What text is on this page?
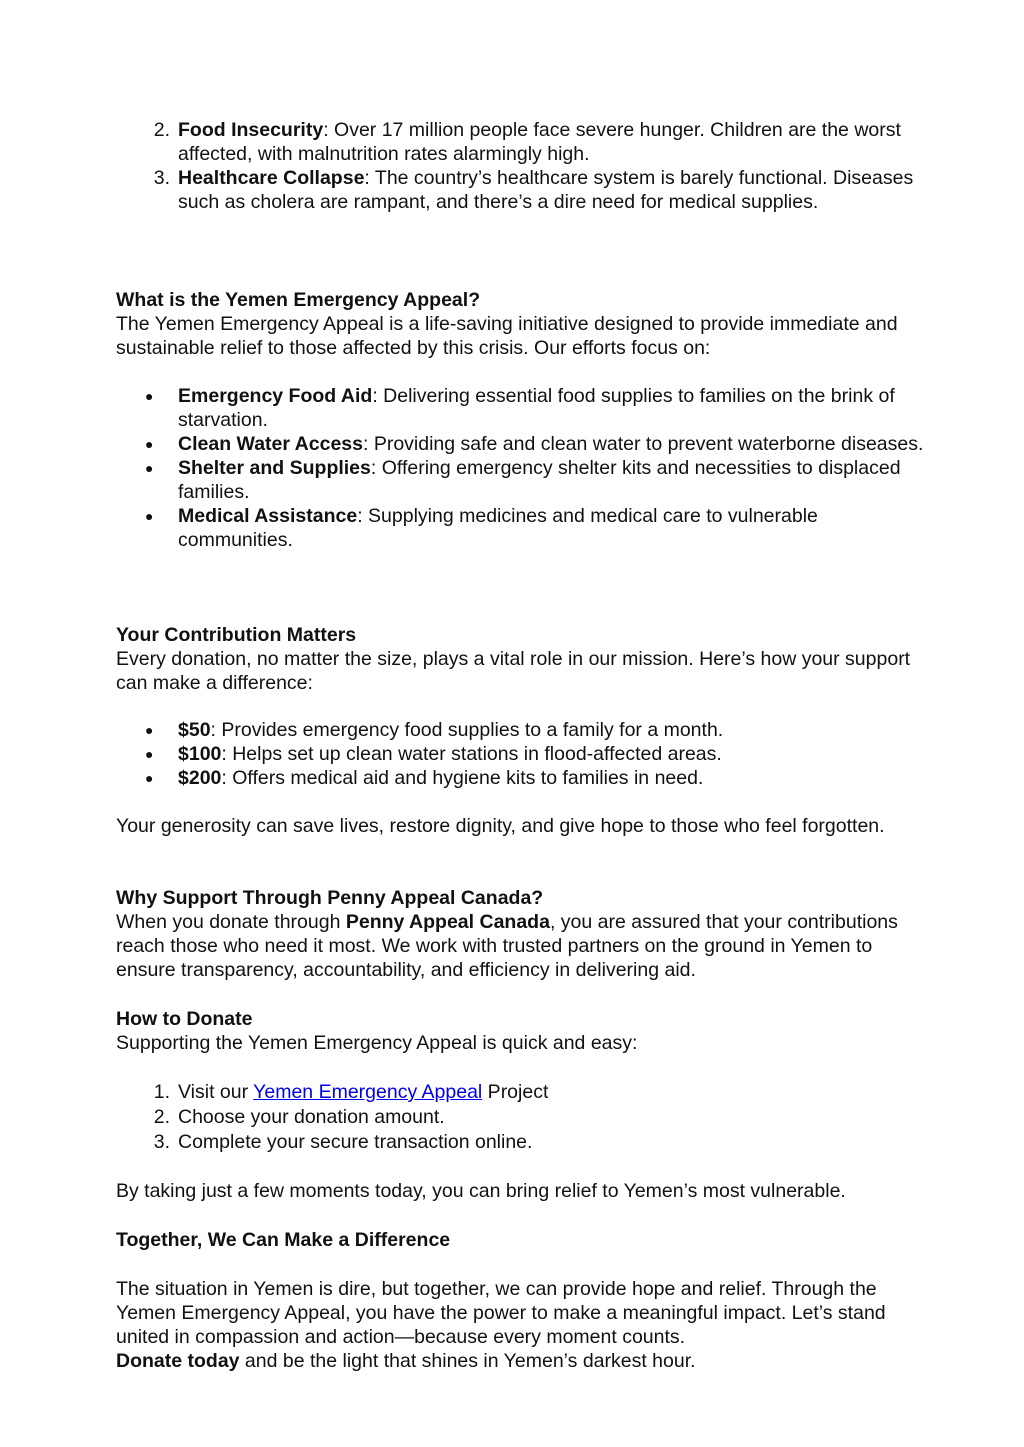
2. Food Insecurity: Over 17 million people face severe hunger. Children are the worst affected, with malnutrition rates alarmingly high.
3. Healthcare Collapse: The country’s healthcare system is barely functional. Diseases such as cholera are rampant, and there’s a dire need for medical supplies.

What is the Yemen Emergency Appeal?

The Yemen Emergency Appeal is a life-saving initiative designed to provide immediate and sustainable relief to those affected by this crisis. Our efforts focus on:

● Emergency Food Aid: Delivering essential food supplies to families on the brink of starvation.
● Clean Water Access: Providing safe and clean water to prevent waterborne diseases.
● Shelter and Supplies: Offering emergency shelter kits and necessities to displaced families.
● Medical Assistance: Supplying medicines and medical care to vulnerable communities.

Your Contribution Matters

Every donation, no matter the size, plays a vital role in our mission. Here’s how your support can make a difference:

● $50: Provides emergency food supplies to a family for a month.
● $100: Helps set up clean water stations in flood-affected areas.
● $200: Offers medical aid and hygiene kits to families in need.

Your generosity can save lives, restore dignity, and give hope to those who feel forgotten.

Why Support Through Penny Appeal Canada?

When you donate through Penny Appeal Canada, you are assured that your contributions reach those who need it most. We work with trusted partners on the ground in Yemen to ensure transparency, accountability, and efficiency in delivering aid.

How to Donate

Supporting the Yemen Emergency Appeal is quick and easy:

1. Visit our Yemen Emergency Appeal Project
2. Choose your donation amount.
3. Complete your secure transaction online.

By taking just a few moments today, you can bring relief to Yemen’s most vulnerable.

Together, We Can Make a Difference

The situation in Yemen is dire, but together, we can provide hope and relief. Through the Yemen Emergency Appeal, you have the power to make a meaningful impact. Let’s stand united in compassion and action—because every moment counts.

Donate today and be the light that shines in Yemen’s darkest hour.
